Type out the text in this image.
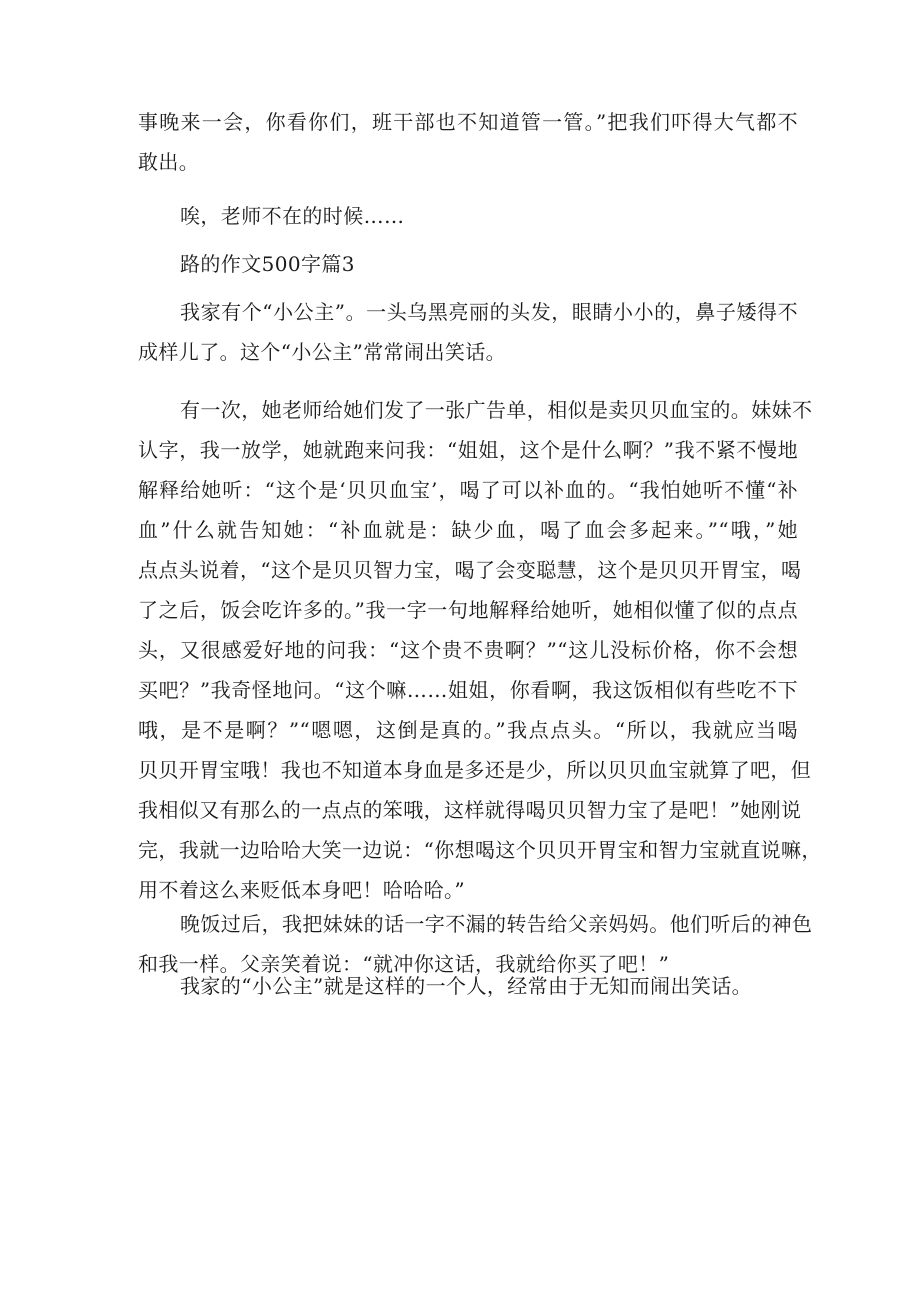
事晚来一会，你看你们，班干部也不知道管一管。”把我们吓得大气都不
敢出。
唉，老师不在的时候……
路的作文500字篇3
我家有个“小公主”。一头乌黑亮丽的头发，眼睛小小的，鼻子矮得不
成样儿了。这个“小公主”常常闹出笑话。
有一次，她老师给她们发了一张广告单，相似是卖贝贝血宝的。妹妹不
认字，我一放学，她就跑来问我：“姐姐，这个是什么啊？”我不紧不慢地
解释给她听：“这个是‘贝贝血宝’，喝了可以补血的。“我怕她听不懂“补
血”什么就告知她：“补血就是：缺少血，喝了血会多起来。”“哦，”她
点点头说着，“这个是贝贝智力宝，喝了会变聪慧，这个是贝贝开胃宝，喝
了之后，饭会吃许多的。”我一字一句地解释给她听，她相似懂了似的点点
头，又很感爱好地的问我：“这个贵不贵啊？”“这儿没标价格，你不会想
买吧？”我奇怪地问。“这个嘛……姐姐，你看啊，我这饭相似有些吃不下
哦，是不是啊？”“嗯嗯，这倒是真的。”我点点头。“所以，我就应当喝
贝贝开胃宝哦！我也不知道本身血是多还是少，所以贝贝血宝就算了吧，但
我相似又有那么的一点点的笨哦，这样就得喝贝贝智力宝了是吧！”她刚说
完，我就一边哈哈大笑一边说：“你想喝这个贝贝开胃宝和智力宝就直说嘛，
用不着这么来贬低本身吧！哈哈哈。”
晚饭过后，我把妹妹的话一字不漏的转告给父亲妈妈。他们听后的神色
和我一样。父亲笑着说：“就冲你这话，我就给你买了吧！”
我家的“小公主”就是这样的一个人，经常由于无知而闹出笑话。
